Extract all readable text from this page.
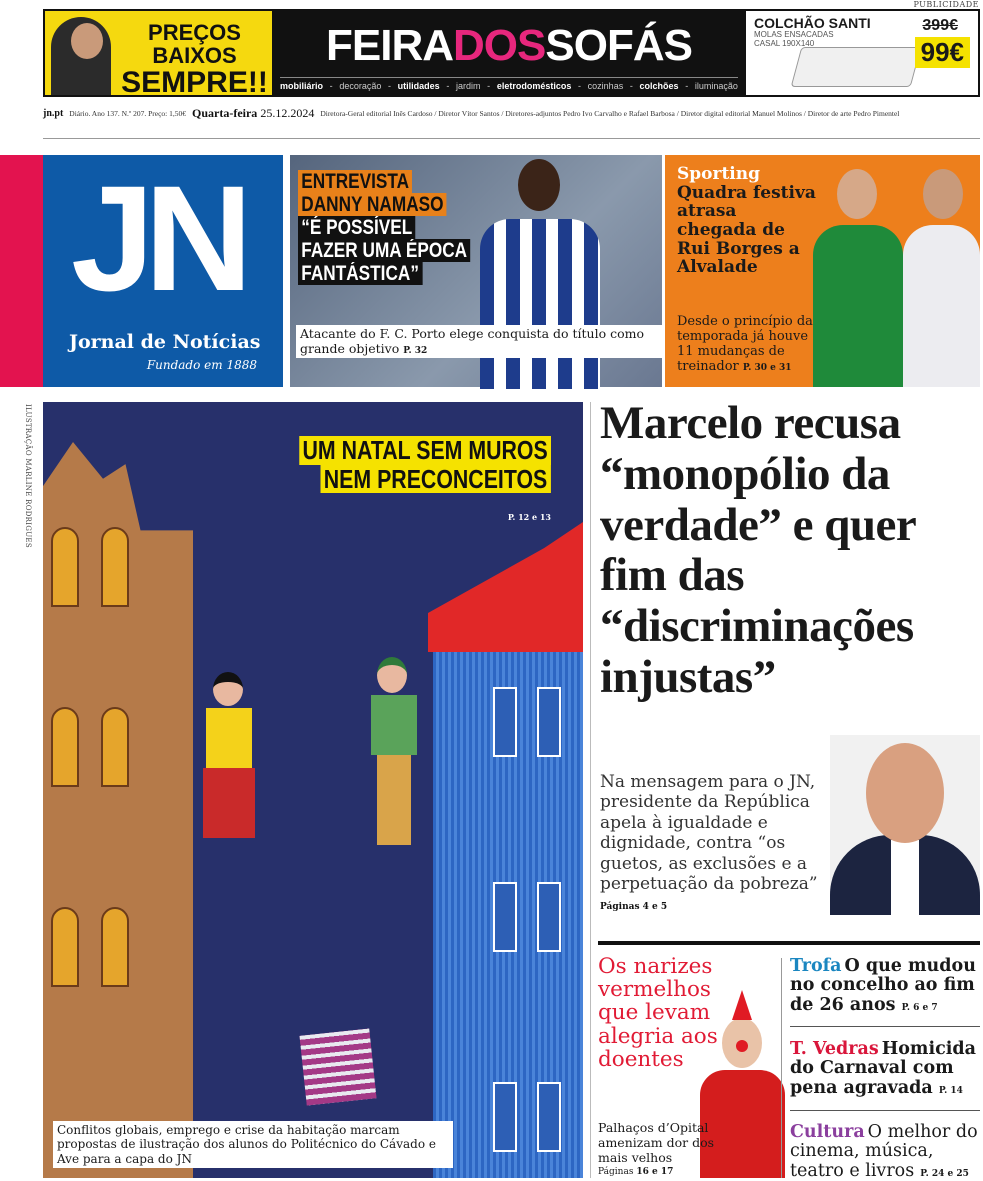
PUBLICIDADE
PREÇOS BAIXOS
SEMPRE!!
FEIRADOSSOFÁS
mobiliário - decoração - utilidades - jardim - eletrodomésticos - cozinhas - colchões - iluminação
COLCHÃO SANTI
MOLAS ENSACADAS CASAL 190X140
399€
99€
jn.pt Diário. Ano 137. N.º 207. Preço: 1,50€ Quarta-feira 25.12.2024 Diretora-Geral editorial Inês Cardoso / Diretor Vítor Santos / Diretores-adjuntos Pedro Ivo Carvalho e Rafael Barbosa / Diretor digital editorial Manuel Molinos / Diretor de arte Pedro Pimentel
JN
Jornal de Notícias
Fundado em 1888
ENTREVISTA
DANNY NAMASO
“É POSSÍVEL
FAZER UMA ÉPOCA
FANTÁSTICA”
Atacante do F. C. Porto elege conquista do título como grande objetivo P. 32
Sporting
Quadra festiva atrasa chegada de Rui Borges a Alvalade
Desde o princípio da temporada já houve 11 mudanças de treinador P. 30 e 31
ILUSTRAÇÃO MARLINE RODRIGUES	UM NATAL SEM MUROS
NEM PRECONCEITOS
P. 12 e 13
Conflitos globais, emprego e crise da habitação marcam propostas de ilustração dos alunos do Politécnico do Cávado e Ave para a capa do JN
Marcelo recusa “monopólio da verdade” e quer fim das “discriminações injustas”
Na mensagem para o JN, presidente da República apela à igualdade e dignidade, contra “os guetos, as exclusões e a perpetuação da pobreza” Páginas 4 e 5
Os narizes vermelhos que levam alegria aos doentes
Palhaços d’Opital amenizam dor dos mais velhos
Páginas 16 e 17
Trofa O que mudou no concelho ao fim de 26 anos P. 6 e 7
T. Vedras Homicida do Carnaval com pena agravada P. 14
Cultura O melhor do cinema, música, teatro e livros P. 24 e 25
